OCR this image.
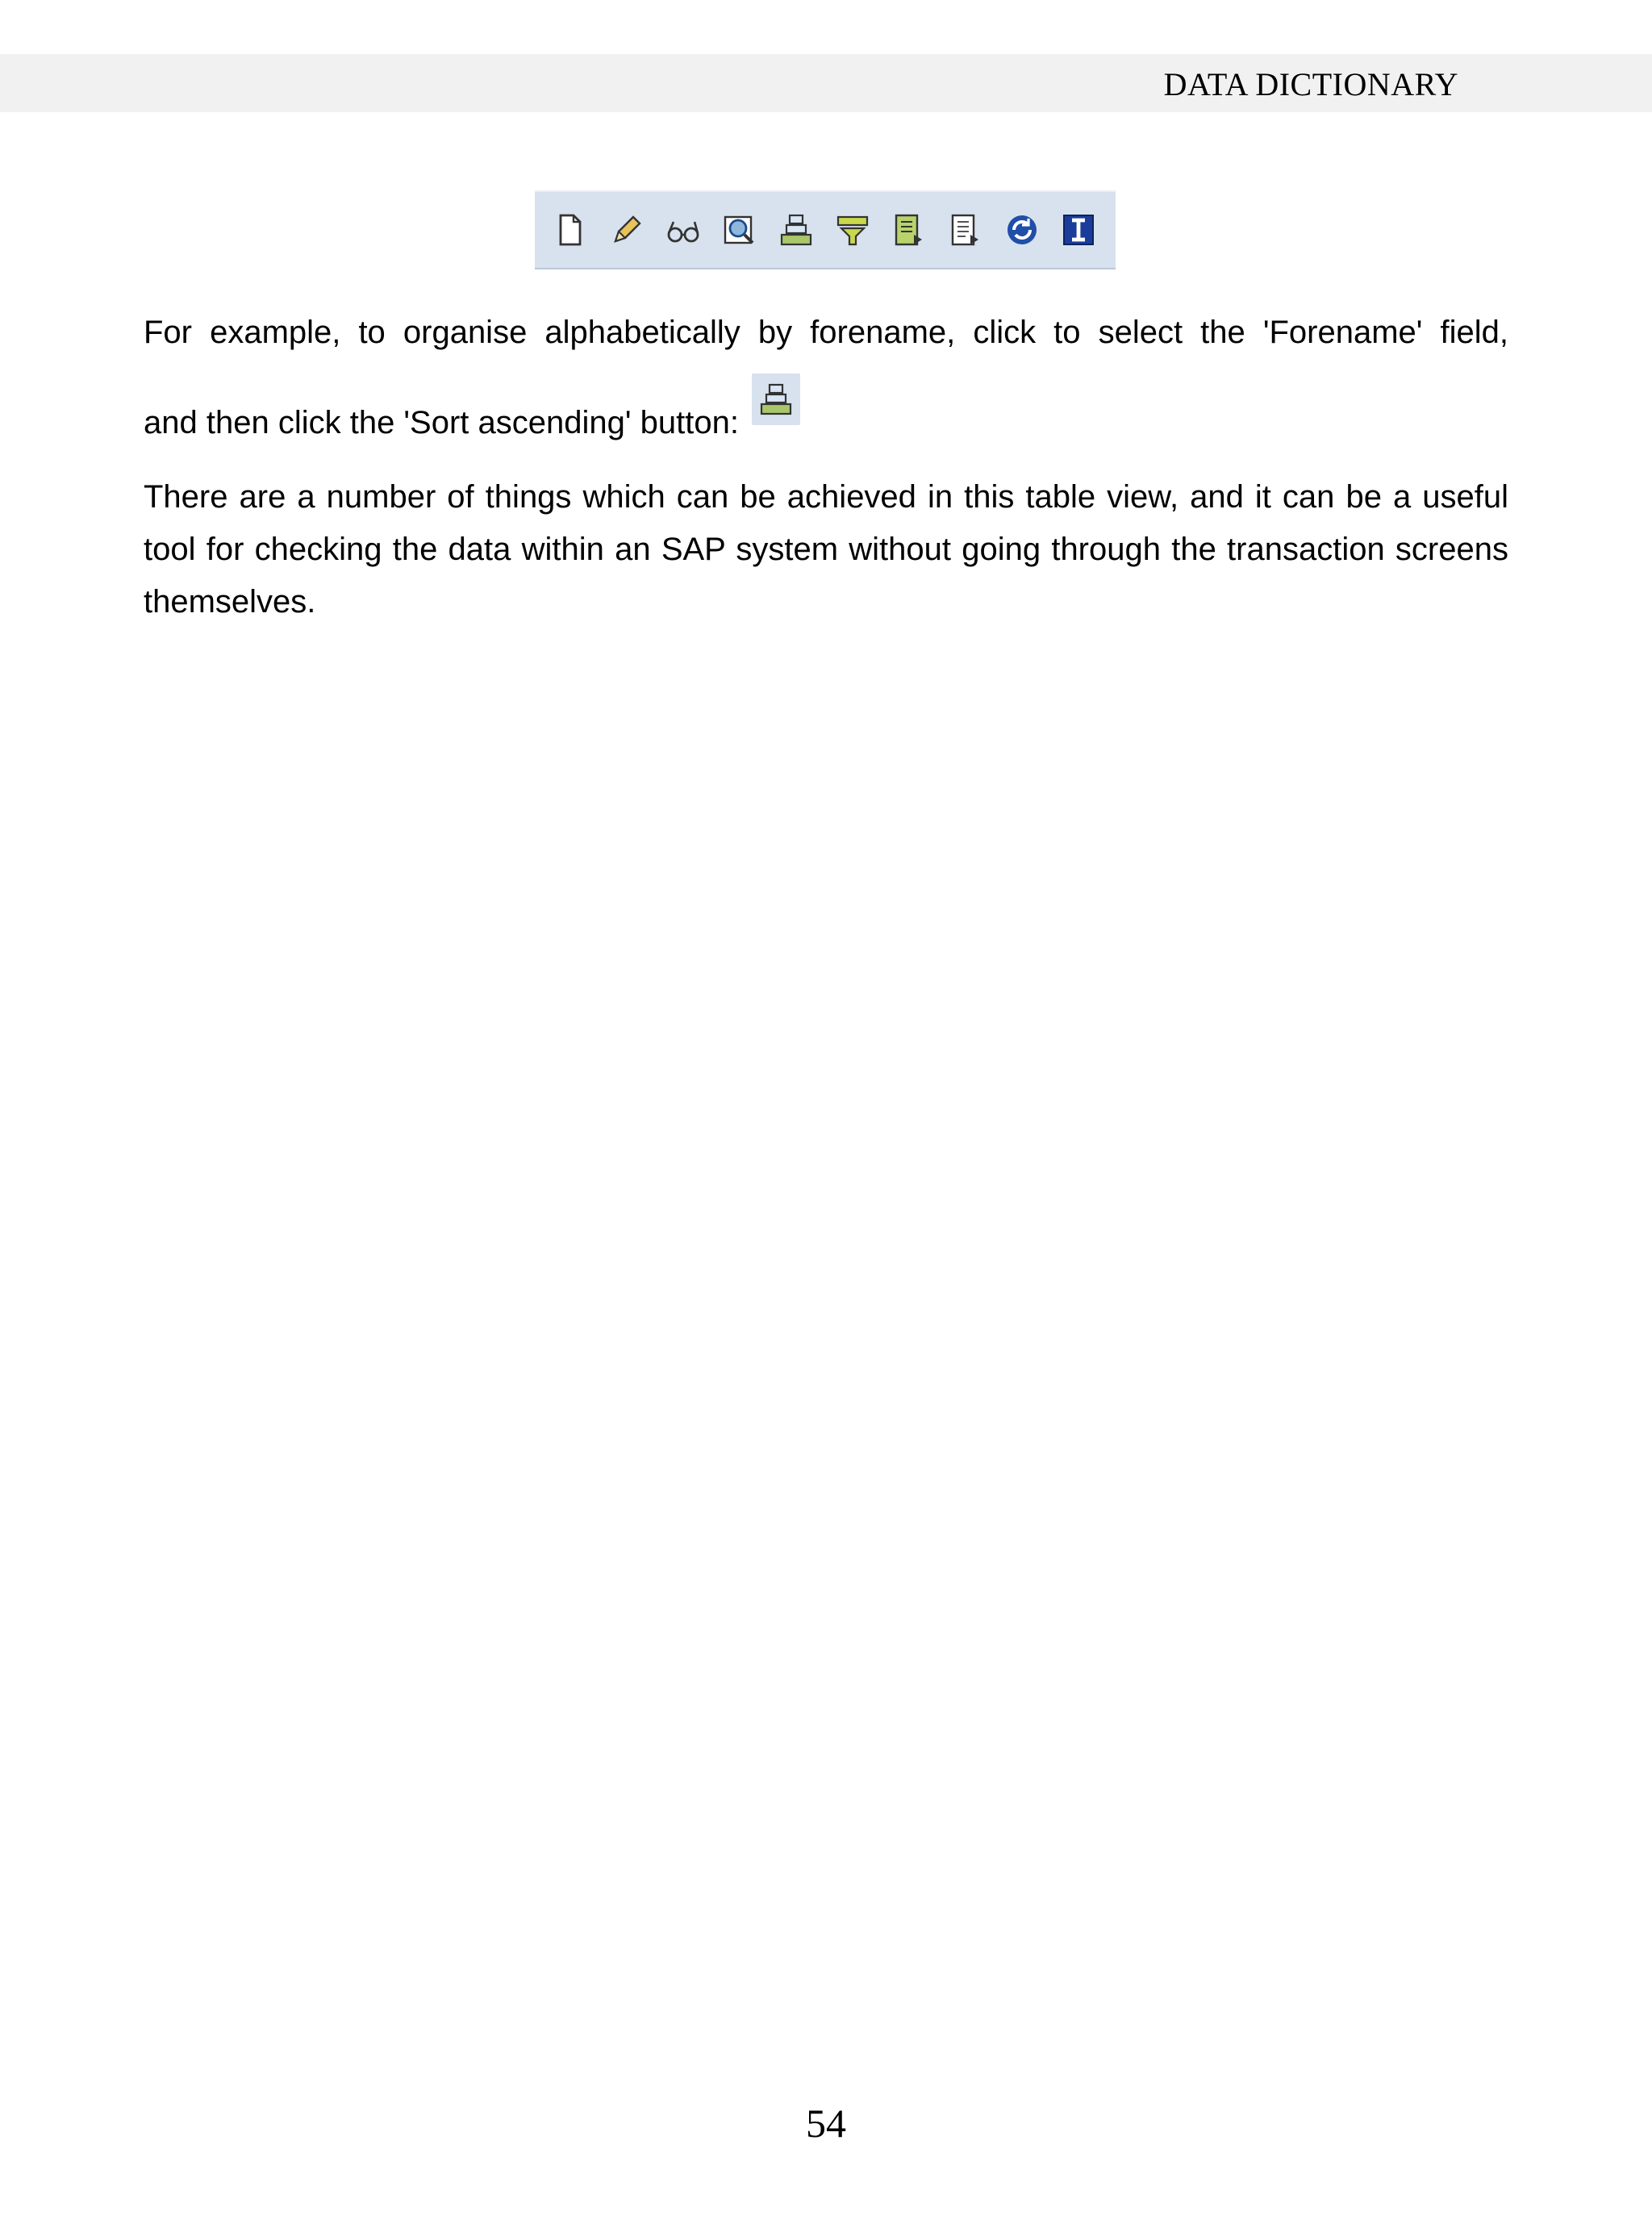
DATA DICTIONARY
For example, to organise alphabetically by forename, click to select the 'Forename' field,
and then click the 'Sort ascending' button:
There are a number of things which can be achieved in this table view, and it can be a useful tool for checking the data within an SAP system without going through the transaction screens themselves.
54
